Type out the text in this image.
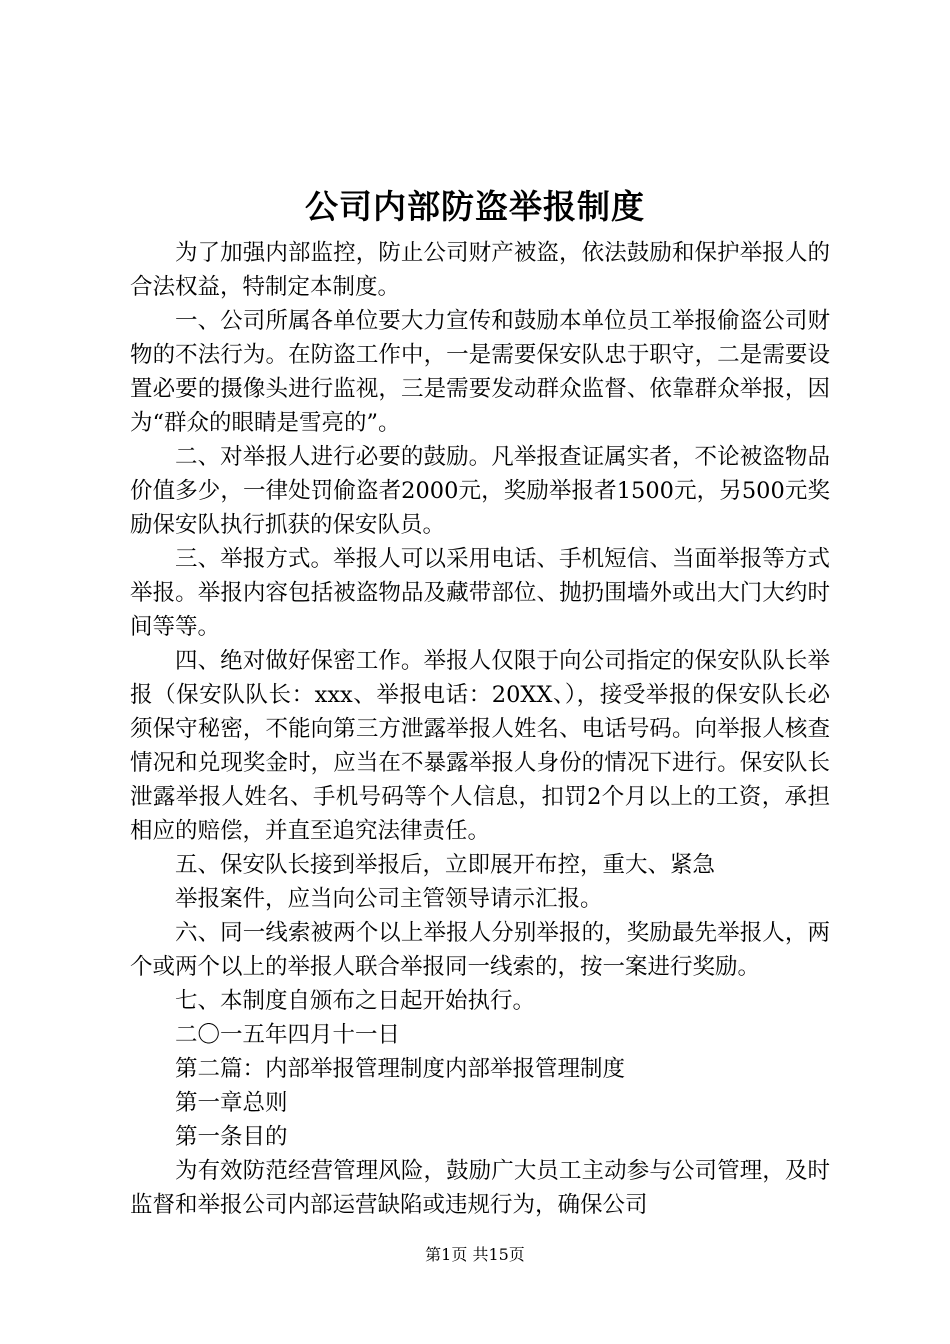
公司内部防盗举报制度

为了加强内部监控，防止公司财产被盗，依法鼓励和保护举报人的合法权益，特制定本制度。

一、公司所属各单位要大力宣传和鼓励本单位员工举报偷盗公司财物的不法行为。在防盗工作中，一是需要保安队忠于职守，二是需要设置必要的摄像头进行监视，三是需要发动群众监督、依靠群众举报，因为“群众的眼睛是雪亮的”。

二、对举报人进行必要的鼓励。凡举报查证属实者，不论被盗物品价值多少，一律处罚偷盗者2000元，奖励举报者1500元，另500元奖励保安队执行抓获的保安队员。

三、举报方式。举报人可以采用电话、手机短信、当面举报等方式举报。举报内容包括被盗物品及藏带部位、抛扔围墙外或出大门大约时间等等。

四、绝对做好保密工作。举报人仅限于向公司指定的保安队队长举报（保安队队长：xxx、举报电话：20XX、），接受举报的保安队长必须保守秘密，不能向第三方泄露举报人姓名、电话号码。向举报人核查情况和兑现奖金时，应当在不暴露举报人身份的情况下进行。保安队长泄露举报人姓名、手机号码等个人信息，扣罚2个月以上的工资，承担相应的赔偿，并直至追究法律责任。

五、保安队长接到举报后，立即展开布控，重大、紧急

举报案件，应当向公司主管领导请示汇报。

六、同一线索被两个以上举报人分别举报的，奖励最先举报人，两个或两个以上的举报人联合举报同一线索的，按一案进行奖励。

七、本制度自颁布之日起开始执行。

二〇一五年四月十一日

第二篇：内部举报管理制度内部举报管理制度

第一章总则

第一条目的

为有效防范经营管理风险，鼓励广大员工主动参与公司管理，及时监督和举报公司内部运营缺陷或违规行为，确保公司

第1页 共15页
